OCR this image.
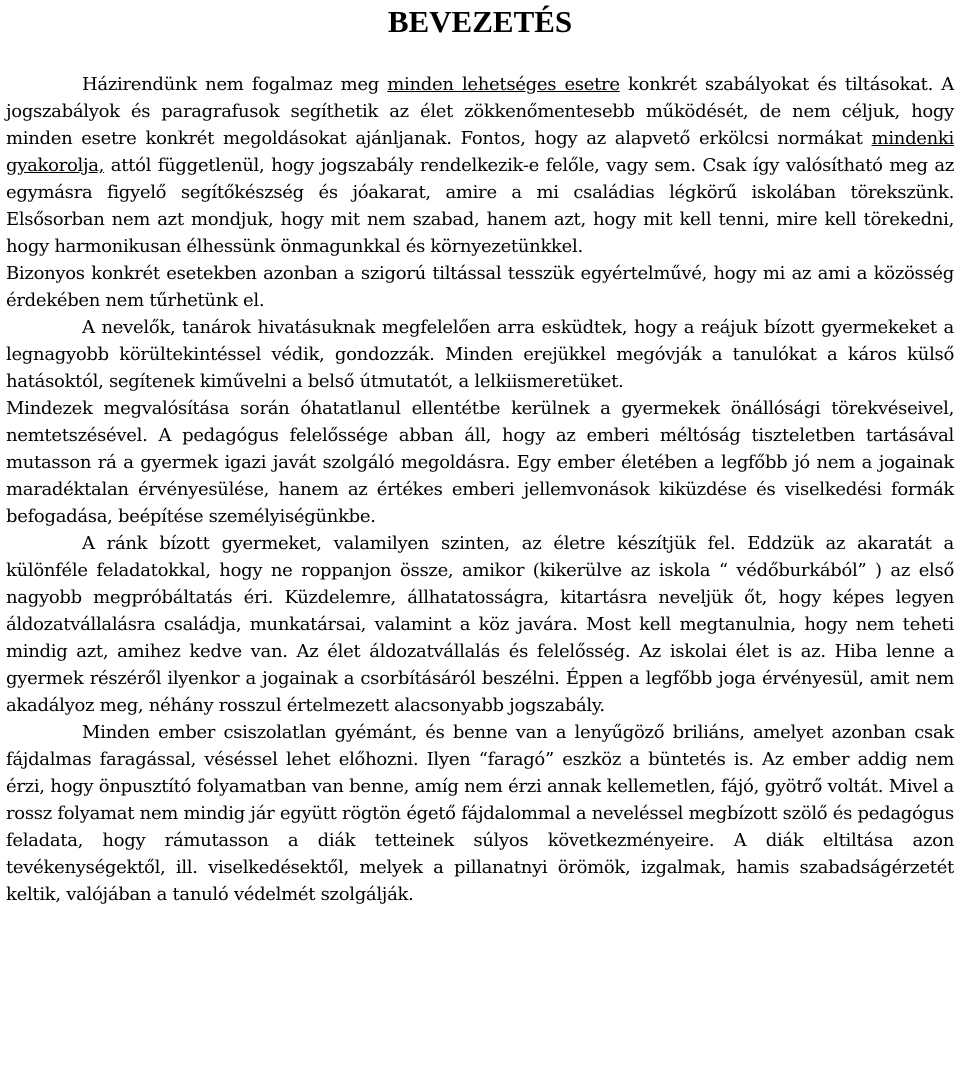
BEVEZETÉS

Házirendünk nem fogalmaz meg minden lehetséges esetre konkrét szabályokat és tiltásokat. A jogszabályok és paragrafusok segíthetik az élet zökkenőmentesebb működését, de nem céljuk, hogy minden esetre konkrét megoldásokat ajánljanak. Fontos, hogy az alapvető erkölcsi normákat mindenki gyakorolja, attól függetlenül, hogy jogszabály rendelkezik-e felőle, vagy sem. Csak így valósítható meg az egymásra figyelő segítőkészség és jóakarat, amire a mi családias légkörű iskolában törekszünk. Elsősorban nem azt mondjuk, hogy mit nem szabad, hanem azt, hogy mit kell tenni, mire kell törekedni, hogy harmonikusan élhessünk önmagunkkal és környezetünkkel.

Bizonyos konkrét esetekben azonban a szigorú tiltással tesszük egyértelművé, hogy mi az ami a közösség érdekében nem tűrhetünk el.

A nevelők, tanárok hivatásuknak megfelelően arra esküdtek, hogy a reájuk bízott gyermekeket a legnagyobb körültekintéssel védik, gondozzák. Minden erejükkel megóvják a tanulókat a káros külső hatásoktól, segítenek kiművelni a belső útmutatót, a lelkiismeretüket.

Mindezek megvalósítása során óhatatlanul ellentétbe kerülnek a gyermekek önállósági törekvéseivel, nemtetszésével. A pedagógus felelőssége abban áll, hogy az emberi méltóság tiszteletben tartásával mutasson rá a gyermek igazi javát szolgáló megoldásra. Egy ember életében a legfőbb jó nem a jogainak maradéktalan érvényesülése, hanem az értékes emberi jellemvonások kiküzdése és viselkedési formák befogadása, beépítése személyiségünkbe.

A ránk bízott gyermeket, valamilyen szinten, az életre készítjük fel. Eddzük az akaratát a különféle feladatokkal, hogy ne roppanjon össze, amikor (kikerülve az iskola “ védőburkából” ) az első nagyobb megpróbáltatás éri. Küzdelemre, állhatatosságra, kitartásra neveljük őt, hogy képes legyen áldozatvállalásra családja, munkatársai, valamint a köz javára. Most kell megtanulnia, hogy nem teheti mindig azt, amihez kedve van. Az élet áldozatvállalás és felelősség. Az iskolai élet is az. Hiba lenne a gyermek részéről ilyenkor a jogainak a csorbításáról beszélni. Éppen a legfőbb joga érvényesül, amit nem akadályoz meg, néhány rosszul értelmezett alacsonyabb jogszabály.

Minden ember csiszolatlan gyémánt, és benne van a lenyűgöző briliáns, amelyet azonban csak fájdalmas faragással, véséssel lehet előhozni. Ilyen “faragó” eszköz a büntetés is. Az ember addig nem érzi, hogy önpusztító folyamatban van benne, amíg nem érzi annak kellemetlen, fájó, gyötrő voltát. Mivel a rossz folyamat nem mindig jár együtt rögtön égető fájdalommal a neveléssel megbízott szölő és pedagógus feladata, hogy rámutasson a diák tetteinek súlyos következményeire. A diák eltiltása azon tevékenységektől, ill. viselkedésektől, melyek a pillanatnyi örömök, izgalmak, hamis szabadságérzetét keltik, valójában a tanuló védelmét szolgálják.
